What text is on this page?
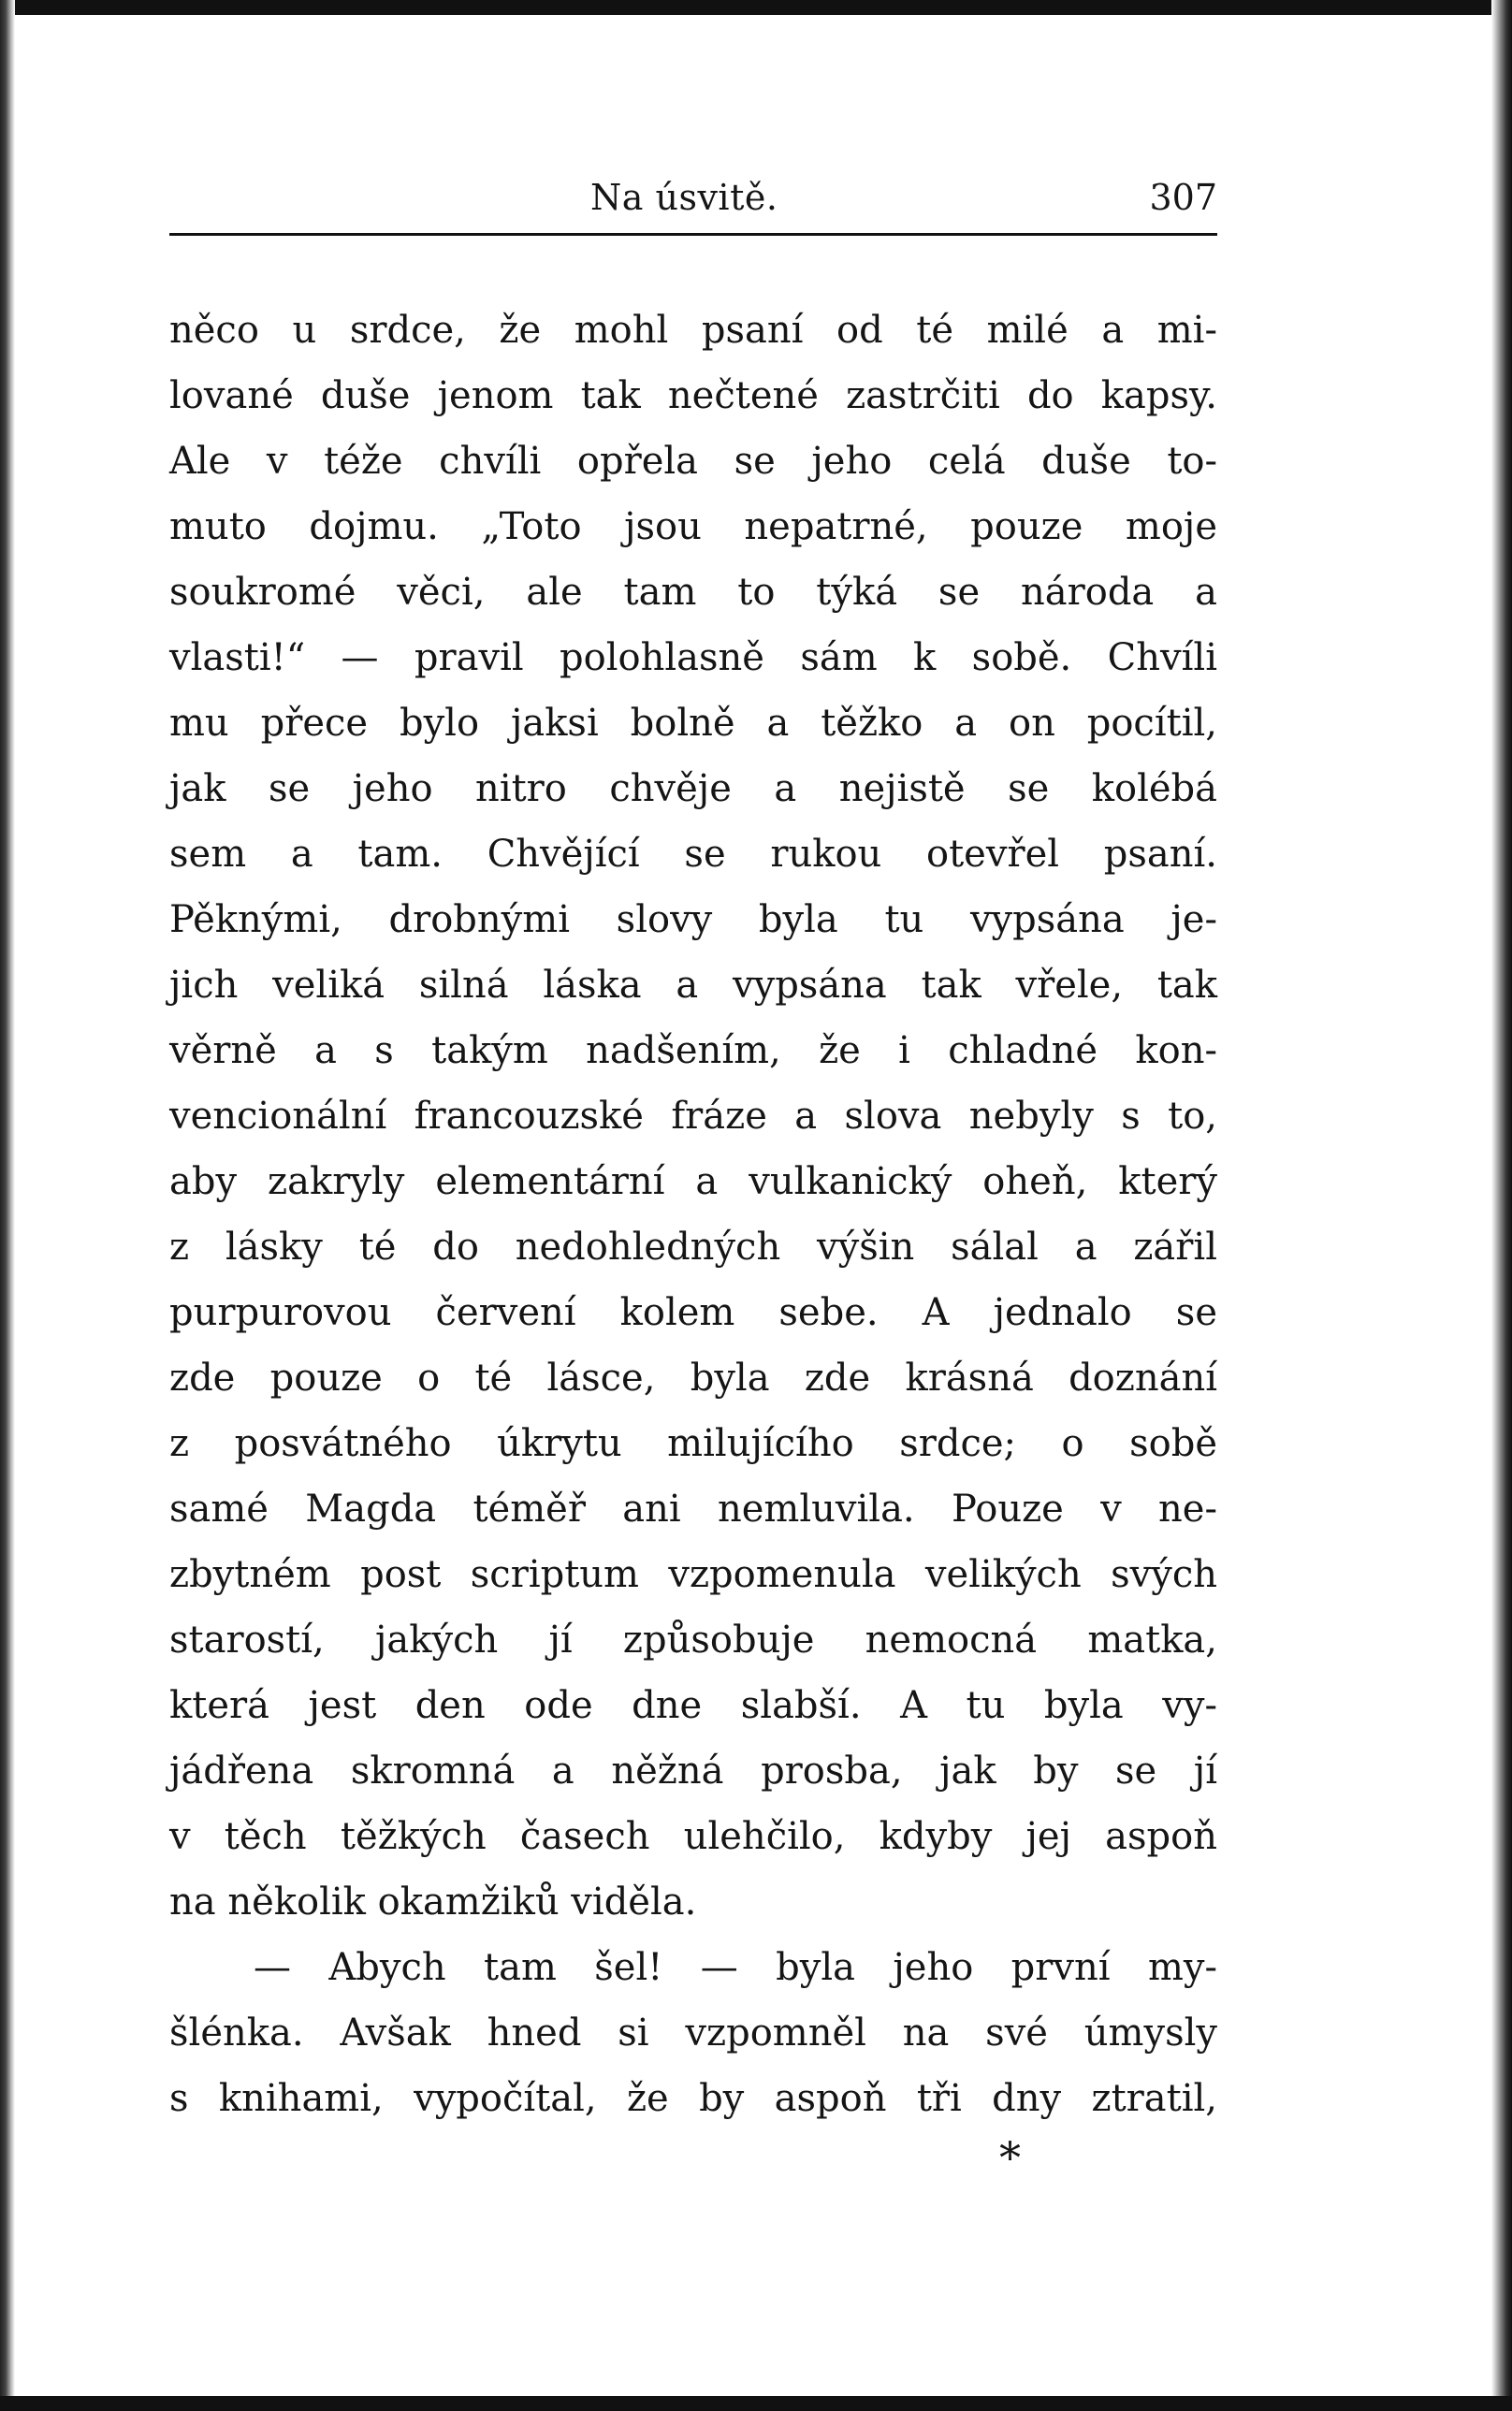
Na úsvitě.	307
něco u srdce, že mohl psaní od té milé a mi-
lované duše jenom tak nečtené zastrčiti do kapsy.
Ale v téže chvíli opřela se jeho celá duše to-
muto dojmu. „Toto jsou nepatrné, pouze moje
soukromé věci, ale tam to týká se národa a
vlasti!“ — pravil polohlasně sám k sobě. Chvíli
mu přece bylo jaksi bolně a těžko a on pocítil,
jak se jeho nitro chvěje a nejistě se kolébá
sem a tam. Chvějící se rukou otevřel psaní.
Pěknými, drobnými slovy byla tu vypsána je-
jich veliká silná láska a vypsána tak vřele, tak
věrně a s takým nadšením, že i chladné kon-
vencionální francouzské fráze a slova nebyly s to,
aby zakryly elementární a vulkanický oheň, který
z lásky té do nedohledných výšin sálal a zářil
purpurovou červení kolem sebe. A jednalo se
zde pouze o té lásce, byla zde krásná doznání
z posvátného úkrytu milujícího srdce; o sobě
samé Magda téměř ani nemluvila. Pouze v ne-
zbytném post scriptum vzpomenula velikých svých
starostí, jakých jí způsobuje nemocná matka,
která jest den ode dne slabší. A tu byla vy-
jádřena skromná a něžná prosba, jak by se jí
v těch těžkých časech ulehčilo, kdyby jej aspoň
na několik okamžiků viděla.
— Abych tam šel! — byla jeho první my-
šlénka. Avšak hned si vzpomněl na své úmysly
s knihami, vypočítal, že by aspoň tři dny ztratil,
*
